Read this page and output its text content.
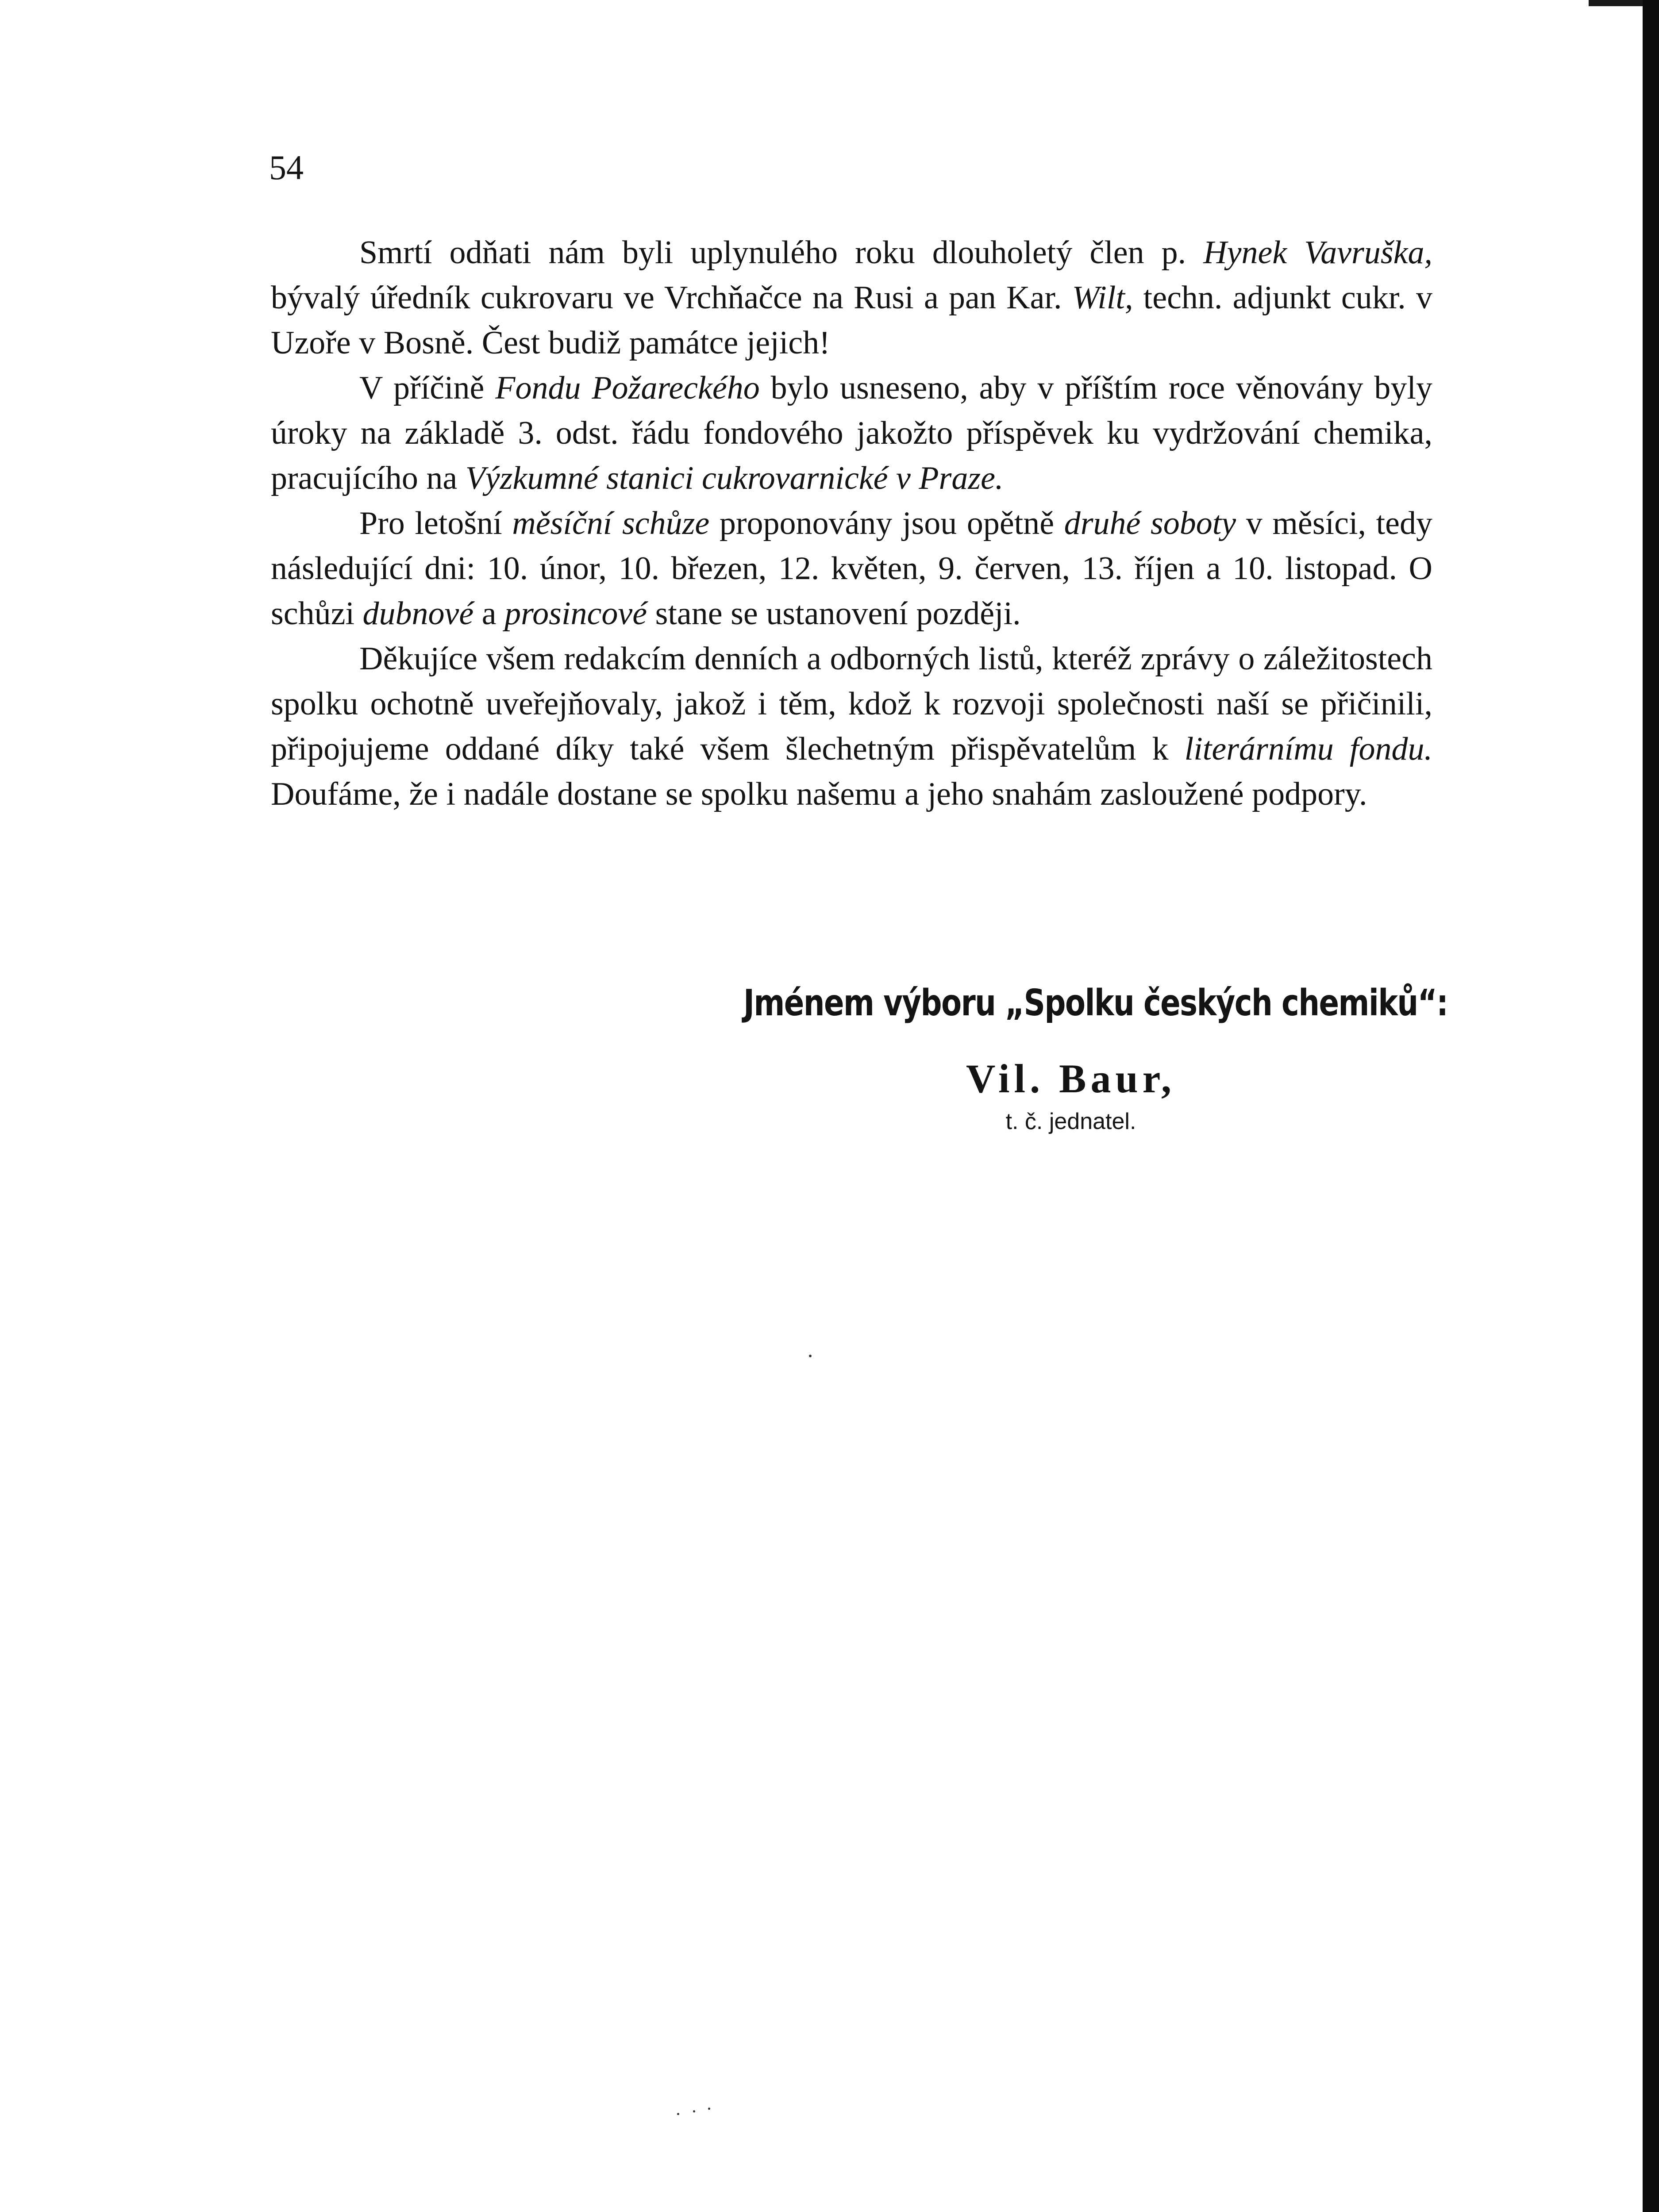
54

Smrtí odňati nám byli uplynulého roku dlouholetý člen p. Hynek Vavruška, bývalý úředník cukrovaru ve Vrchňačce na Rusi a pan Kar. Wilt, techn. adjunkt cukr. v Uzoře v Bosně. Čest budiž památce jejich!

V příčině Fondu Požareckého bylo usneseno, aby v příštím roce věnovány byly úroky na základě 3. odst. řádu fondového jakožto příspěvek ku vydržování chemika, pracujícího na Výzkumné stanici cukrovarnické v Praze.

Pro letošní měsíční schůze proponovány jsou opětně druhé soboty v měsíci, tedy následující dni: 10. únor, 10. březen, 12. květen, 9. červen, 13. říjen a 10. listopad. O schůzi dubnové a prosincové stane se ustanovení později.

Děkujíce všem redakcím denních a odborných listů, kteréž zprávy o záležitostech spolku ochotně uveřejňovaly, jakož i těm, kdož k rozvoji společnosti naší se přičinili, připojujeme oddané díky také všem šlechetným přispěvatelům k literárnímu fondu. Doufáme, že i nadále dostane se spolku našemu a jeho snahám zasloužené podpory.

Jménem výboru „Spolku českých chemiků“:
Vil. Baur,
t. č. jednatel.
